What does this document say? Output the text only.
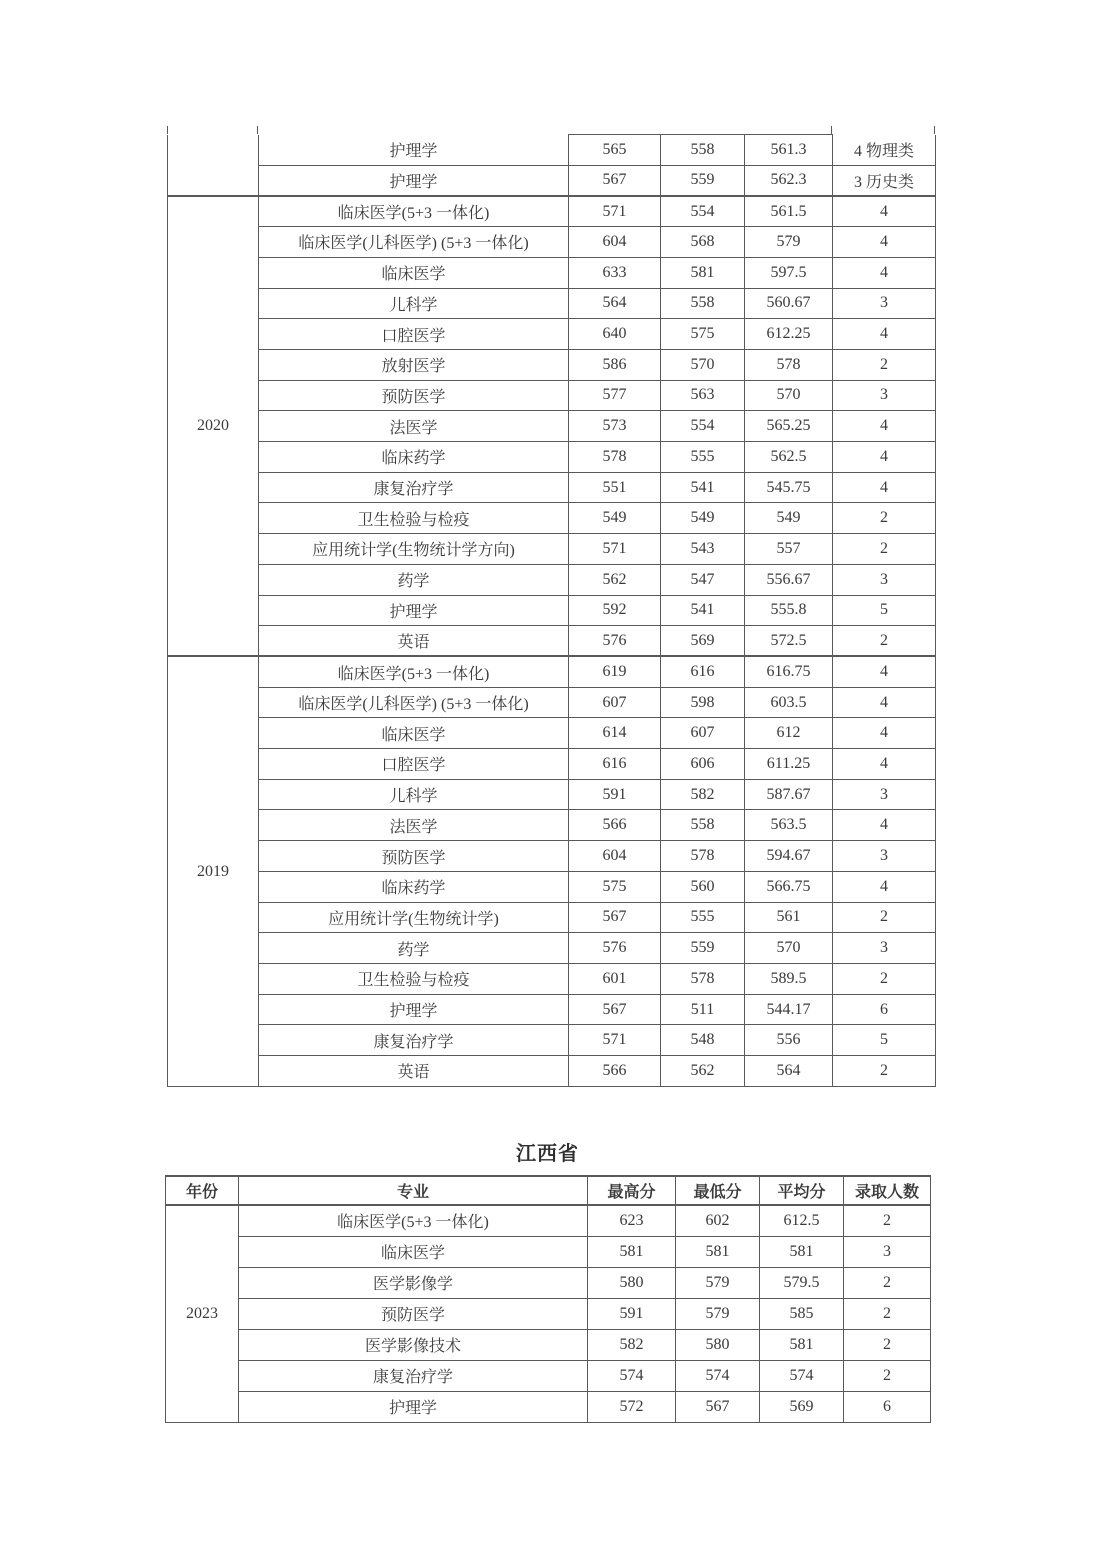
	护理学	565	558	561.3	4 物理类
	护理学	567	559	562.3	3 历史类
2020	临床医学(5+3 一体化)	571	554	561.5	4
	临床医学(儿科医学) (5+3 一体化)	604	568	579	4
	临床医学	633	581	597.5	4
	儿科学	564	558	560.67	3
	口腔医学	640	575	612.25	4
	放射医学	586	570	578	2
	预防医学	577	563	570	3
	法医学	573	554	565.25	4
	临床药学	578	555	562.5	4
	康复治疗学	551	541	545.75	4
	卫生检验与检疫	549	549	549	2
	应用统计学(生物统计学方向)	571	543	557	2
	药学	562	547	556.67	3
	护理学	592	541	555.8	5
	英语	576	569	572.5	2
2019	临床医学(5+3 一体化)	619	616	616.75	4
	临床医学(儿科医学) (5+3 一体化)	607	598	603.5	4
	临床医学	614	607	612	4
	口腔医学	616	606	611.25	4
	儿科学	591	582	587.67	3
	法医学	566	558	563.5	4
	预防医学	604	578	594.67	3
	临床药学	575	560	566.75	4
	应用统计学(生物统计学)	567	555	561	2
	药学	576	559	570	3
	卫生检验与检疫	601	578	589.5	2
	护理学	567	511	544.17	6
	康复治疗学	571	548	556	5
	英语	566	562	564	2
江西省
年份	专业	最高分	最低分	平均分	录取人数
2023	临床医学(5+3 一体化)	623	602	612.5	2
	临床医学	581	581	581	3
	医学影像学	580	579	579.5	2
	预防医学	591	579	585	2
	医学影像技术	582	580	581	2
	康复治疗学	574	574	574	2
	护理学	572	567	569	6
